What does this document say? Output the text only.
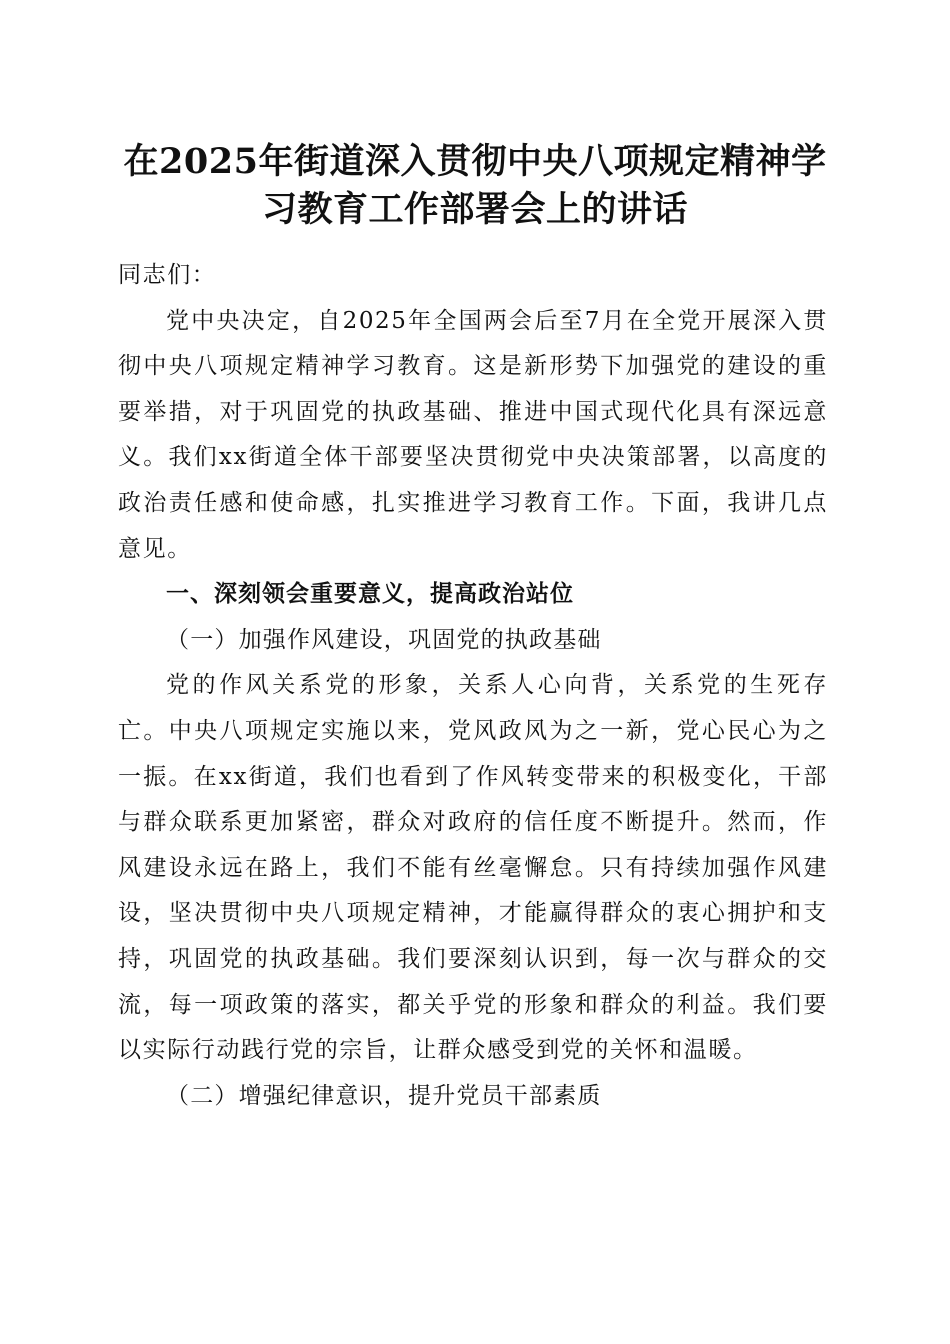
在2025年街道深入贯彻中央八项规定精神学
习教育工作部署会上的讲话

同志们：

党中央决定，自2025年全国两会后至7月在全党开展深入贯彻中央八项规定精神学习教育。这是新形势下加强党的建设的重要举措，对于巩固党的执政基础、推进中国式现代化具有深远意义。我们xx街道全体干部要坚决贯彻党中央决策部署，以高度的政治责任感和使命感，扎实推进学习教育工作。下面，我讲几点意见。

一、深刻领会重要意义，提高政治站位

（一）加强作风建设，巩固党的执政基础

党的作风关系党的形象，关系人心向背，关系党的生死存亡。中央八项规定实施以来，党风政风为之一新，党心民心为之一振。在xx街道，我们也看到了作风转变带来的积极变化，干部与群众联系更加紧密，群众对政府的信任度不断提升。然而，作风建设永远在路上，我们不能有丝毫懈怠。只有持续加强作风建设，坚决贯彻中央八项规定精神，才能赢得群众的衷心拥护和支持，巩固党的执政基础。我们要深刻认识到，每一次与群众的交流，每一项政策的落实，都关乎党的形象和群众的利益。我们要以实际行动践行党的宗旨，让群众感受到党的关怀和温暖。

（二）增强纪律意识，提升党员干部素质
